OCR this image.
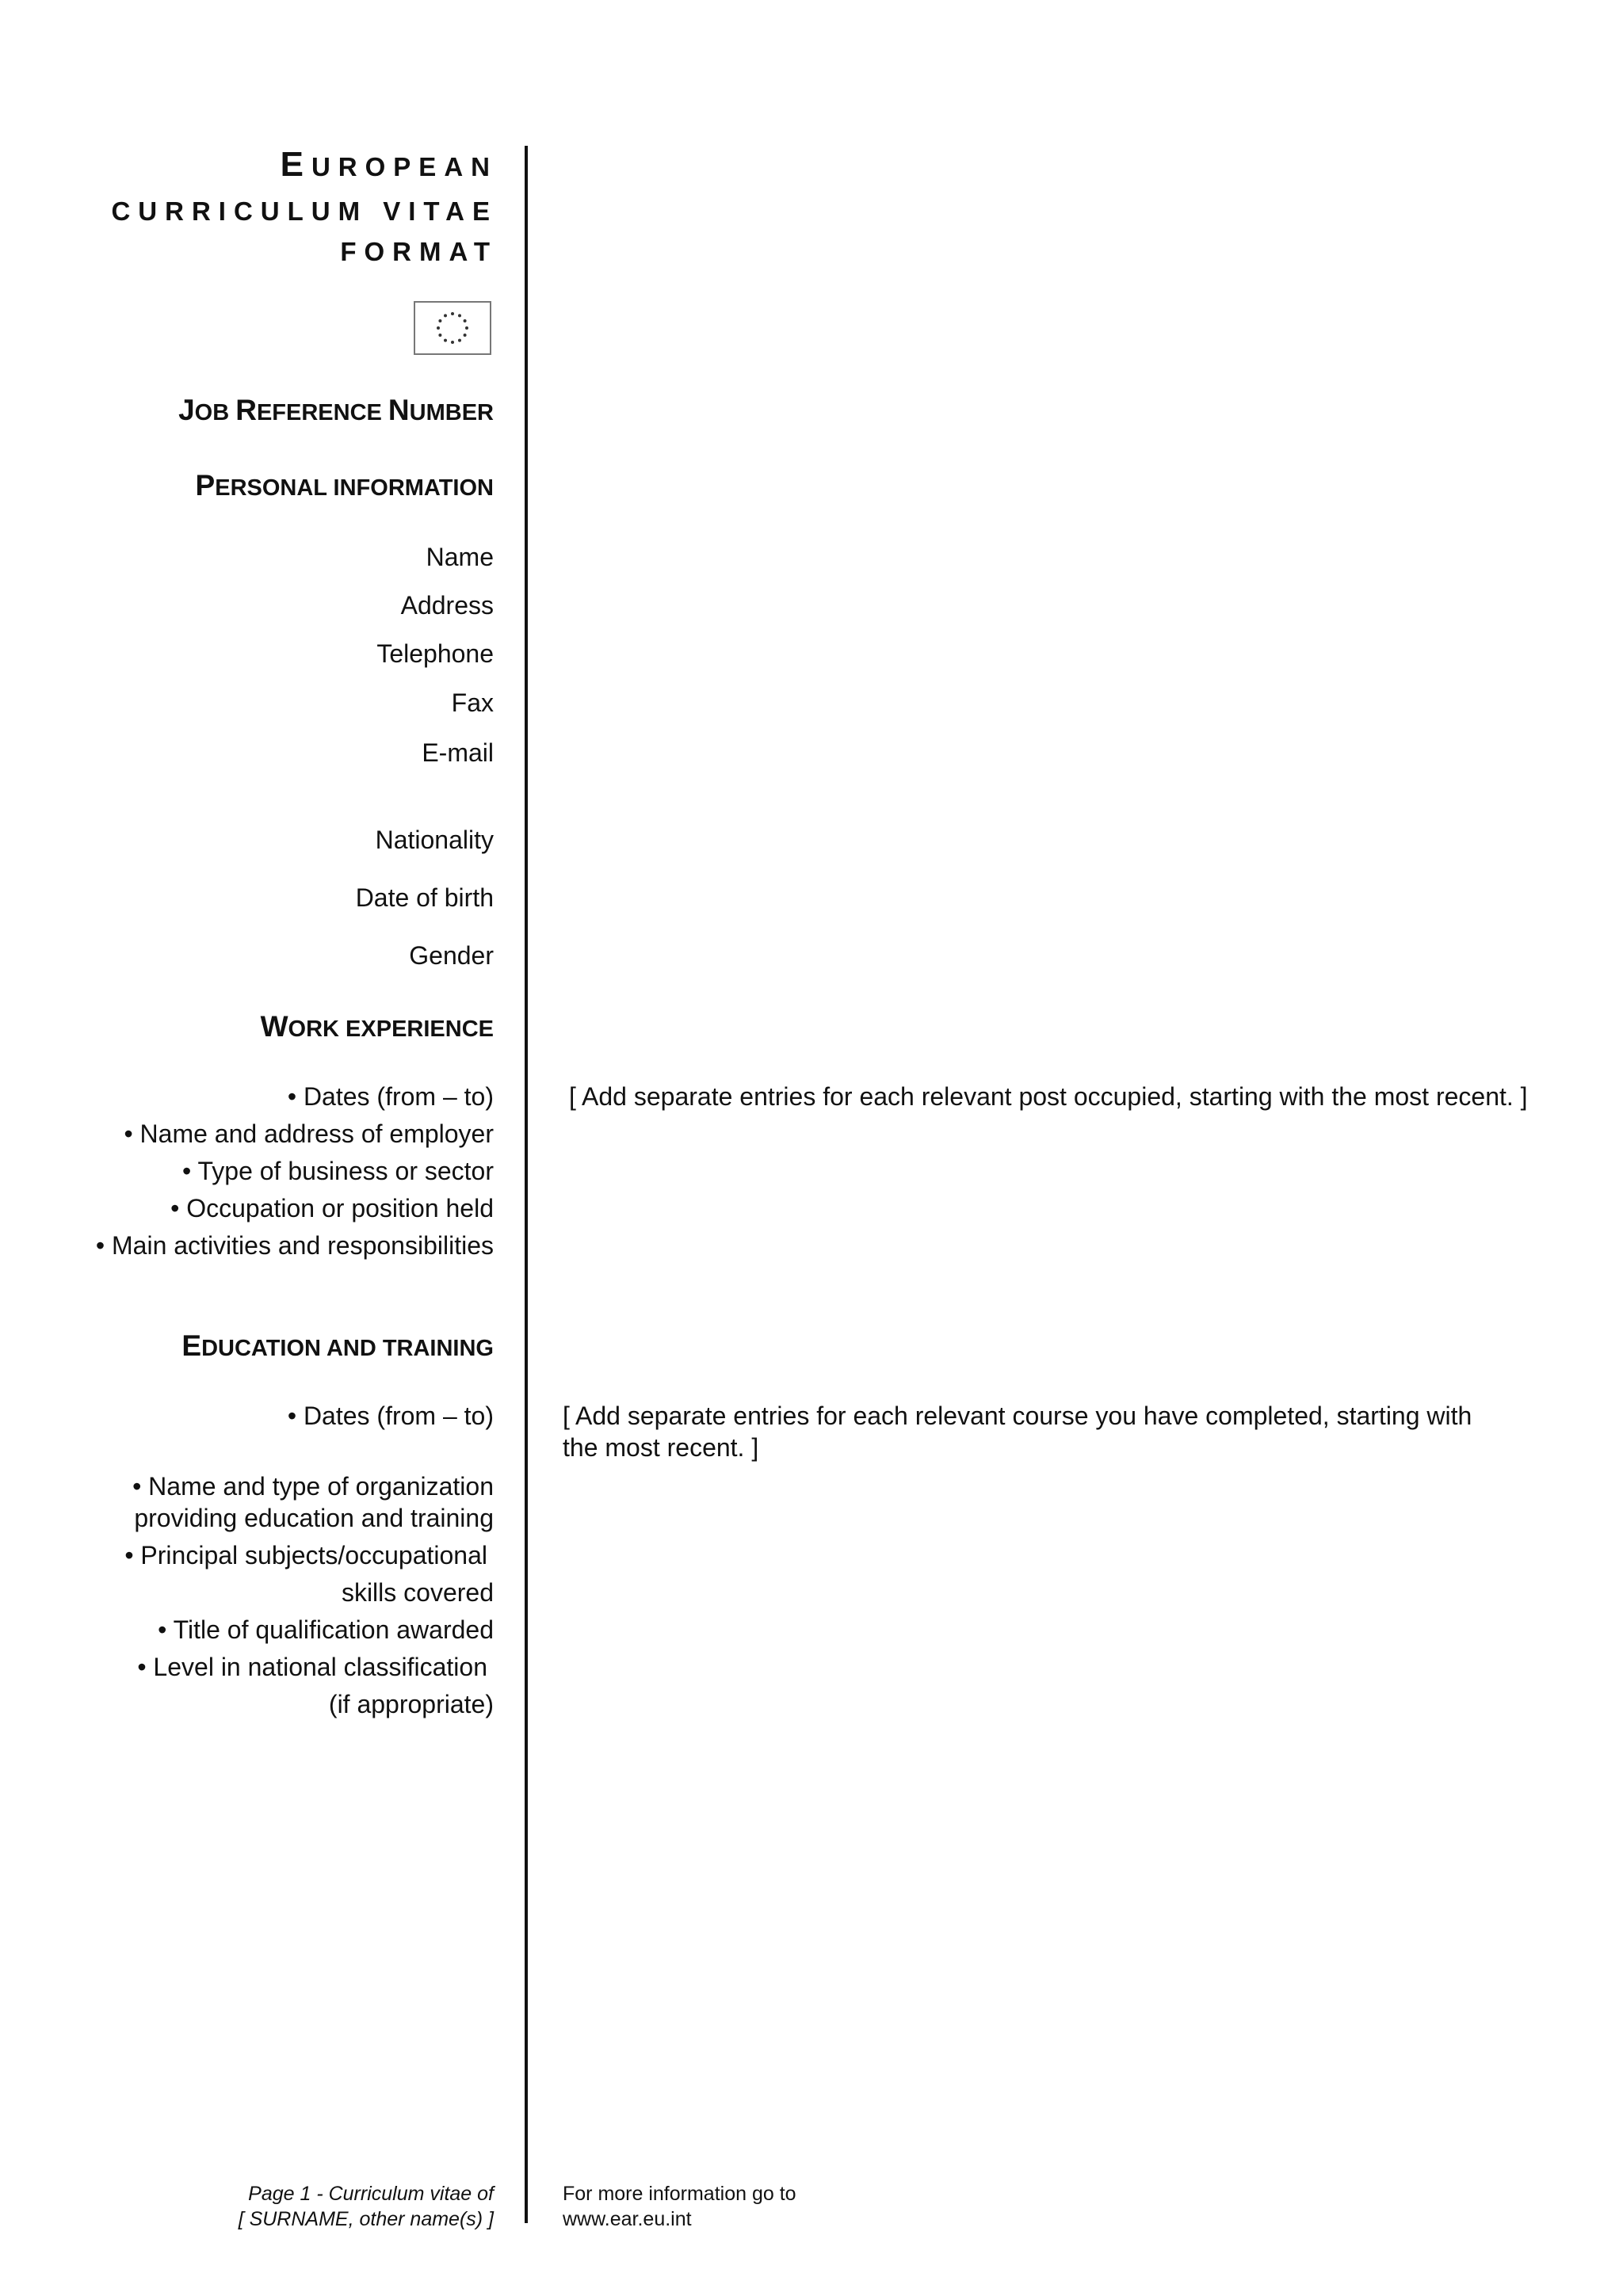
EUROPEAN
CURRICULUM VITAE
FORMAT
JOB REFERENCE NUMBER
PERSONAL INFORMATION
Name
Address
Telephone
Fax
E-mail
Nationality
Date of birth
Gender
WORK EXPERIENCE
• Dates (from – to)
• Name and address of employer
• Type of business or sector
• Occupation or position held
• Main activities and responsibilities
[ Add separate entries for each relevant post occupied, starting with the most recent. ]
EDUCATION AND TRAINING
• Dates (from – to)
• Name and type of organization
providing education and training
• Principal subjects/occupational
skills covered
• Title of qualification awarded
• Level in national classification
(if appropriate)
[ Add separate entries for each relevant course you have completed, starting with the most recent. ]
Page 1 - Curriculum vitae of
[ SURNAME, other name(s) ]
For more information go to
www.ear.eu.int
